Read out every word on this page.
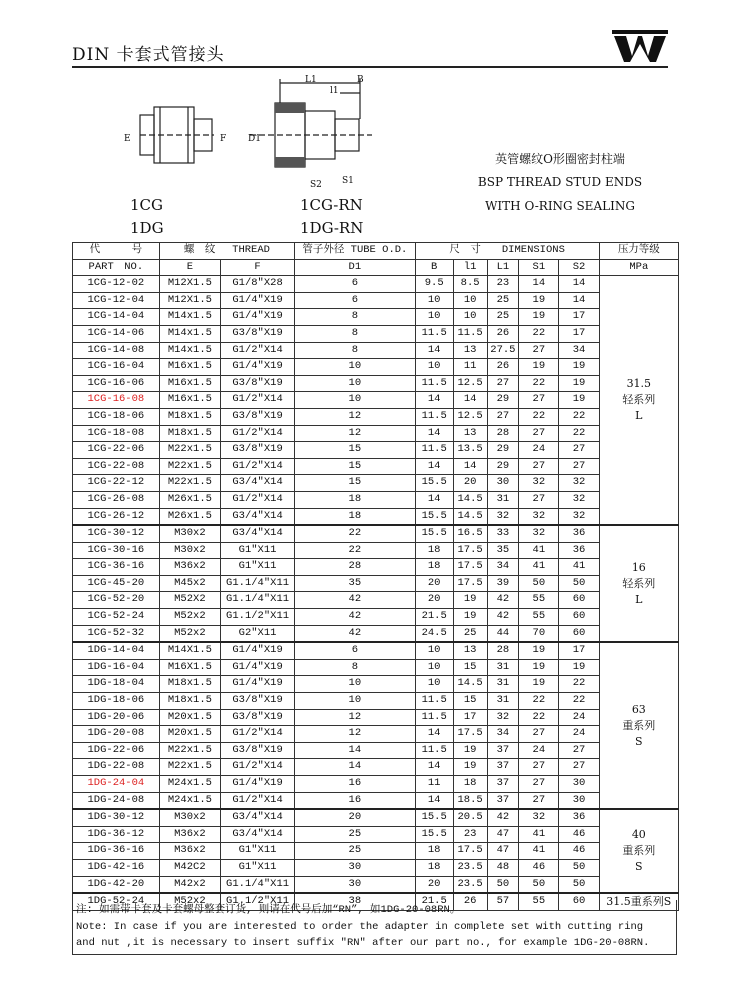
DIN 卡套式管接头
L1	B
l1
E	F D1
S1
S2
1CG
1DG
1CG-RN
1DG-RN
英管螺纹O形圈密封柱端
BSP THREAD STUD ENDS
WITH O-RING SEALING
代　　　号	螺　纹　 THREAD		管子外径 TUBE O.D.	尺　寸　　DIMENSIONS					压力等级
PART　NO.	E	F	D1	B	l1	L1	S1	S2	MPa
1CG-12-02	M12X1.5	G1/8"X28	6	9.5	8.5	23	14	14	31.5
轻系列
L

1CG-12-04	M12X1.5	G1/4"X19	6	10	10	25	19	14	
1CG-14-04	M14x1.5	G1/4"X19	8	10	10	25	19	17	
1CG-14-06	M14x1.5	G3/8"X19	8	11.5	11.5	26	22	17	
1CG-14-08	M14x1.5	G1/2"X14	8	14	13	27.5	27	34	
1CG-16-04	M16x1.5	G1/4"X19	10	10	11	26	19	19	
1CG-16-06	M16x1.5	G3/8"X19	10	11.5	12.5	27	22	19	
1CG-16-08	M16x1.5	G1/2"X14	10	14	14	29	27	19	
1CG-18-06	M18x1.5	G3/8"X19	12	11.5	12.5	27	22	22	
1CG-18-08	M18x1.5	G1/2"X14	12	14	13	28	27	22	
1CG-22-06	M22x1.5	G3/8"X19	15	11.5	13.5	29	24	27	
1CG-22-08	M22x1.5	G1/2"X14	15	14	14	29	27	27	
1CG-22-12	M22x1.5	G3/4"X14	15	15.5	20	30	32	32	
1CG-26-08	M26x1.5	G1/2"X14	18	14	14.5	31	27	32	
1CG-26-12	M26x1.5	G3/4"X14	18	15.5	14.5	32	32	32	
1CG-30-12	M30x2	G3/4"X14	22	15.5	16.5	33	32	36	16
轻系列
L

1CG-30-16	M30x2	G1"X11	22	18	17.5	35	41	36	
1CG-36-16	M36x2	G1"X11	28	18	17.5	34	41	41	
1CG-45-20	M45x2	G1.1/4"X11	35	20	17.5	39	50	50	
1CG-52-20	M52X2	G1.1/4"X11	42	20	19	42	55	60	
1CG-52-24	M52x2	G1.1/2"X11	42	21.5	19	42	55	60	
1CG-52-32	M52x2	G2"X11	42	24.5	25	44	70	60	
1DG-14-04	M14X1.5	G1/4"X19	6	10	13	28	19	17	63
重系列
S

1DG-16-04	M16X1.5	G1/4"X19	8	10	15	31	19	19	
1DG-18-04	M18x1.5	G1/4"X19	10	10	14.5	31	19	22	
1DG-18-06	M18x1.5	G3/8"X19	10	11.5	15	31	22	22	
1DG-20-06	M20x1.5	G3/8"X19	12	11.5	17	32	22	24	
1DG-20-08	M20x1.5	G1/2"X14	12	14	17.5	34	27	24	
1DG-22-06	M22x1.5	G3/8"X19	14	11.5	19	37	24	27	
1DG-22-08	M22x1.5	G1/2"X14	14	14	19	37	27	27	
1DG-24-04	M24x1.5	G1/4"X19	16	11	18	37	27	30	
1DG-24-08	M24x1.5	G1/2"X14	16	14	18.5	37	27	30	
1DG-30-12	M30x2	G3/4"X14	20	15.5	20.5	42	32	36	40
重系列
S

1DG-36-12	M36x2	G3/4"X14	25	15.5	23	47	41	46	
1DG-36-16	M36x2	G1"X11	25	18	17.5	47	41	46	
1DG-42-16	M42C2	G1"X11	30	18	23.5	48	46	50	
1DG-42-20	M42x2	G1.1/4"X11	30	20	23.5	50	50	50	
1DG-52-24	M52x2	G1.1/2"X11	38	21.5	26	57	55	60	31.5重系列S
注: 如需带卡套及卡套螺母整套订货, 则请在代号后加“RN”, 如1DG-20-08RN。
Note: In case if you are interested to order the adapter in complete set with cutting ring
and nut ,it is necessary to insert suffix "RN" after our part no., for example 1DG-20-08RN.
